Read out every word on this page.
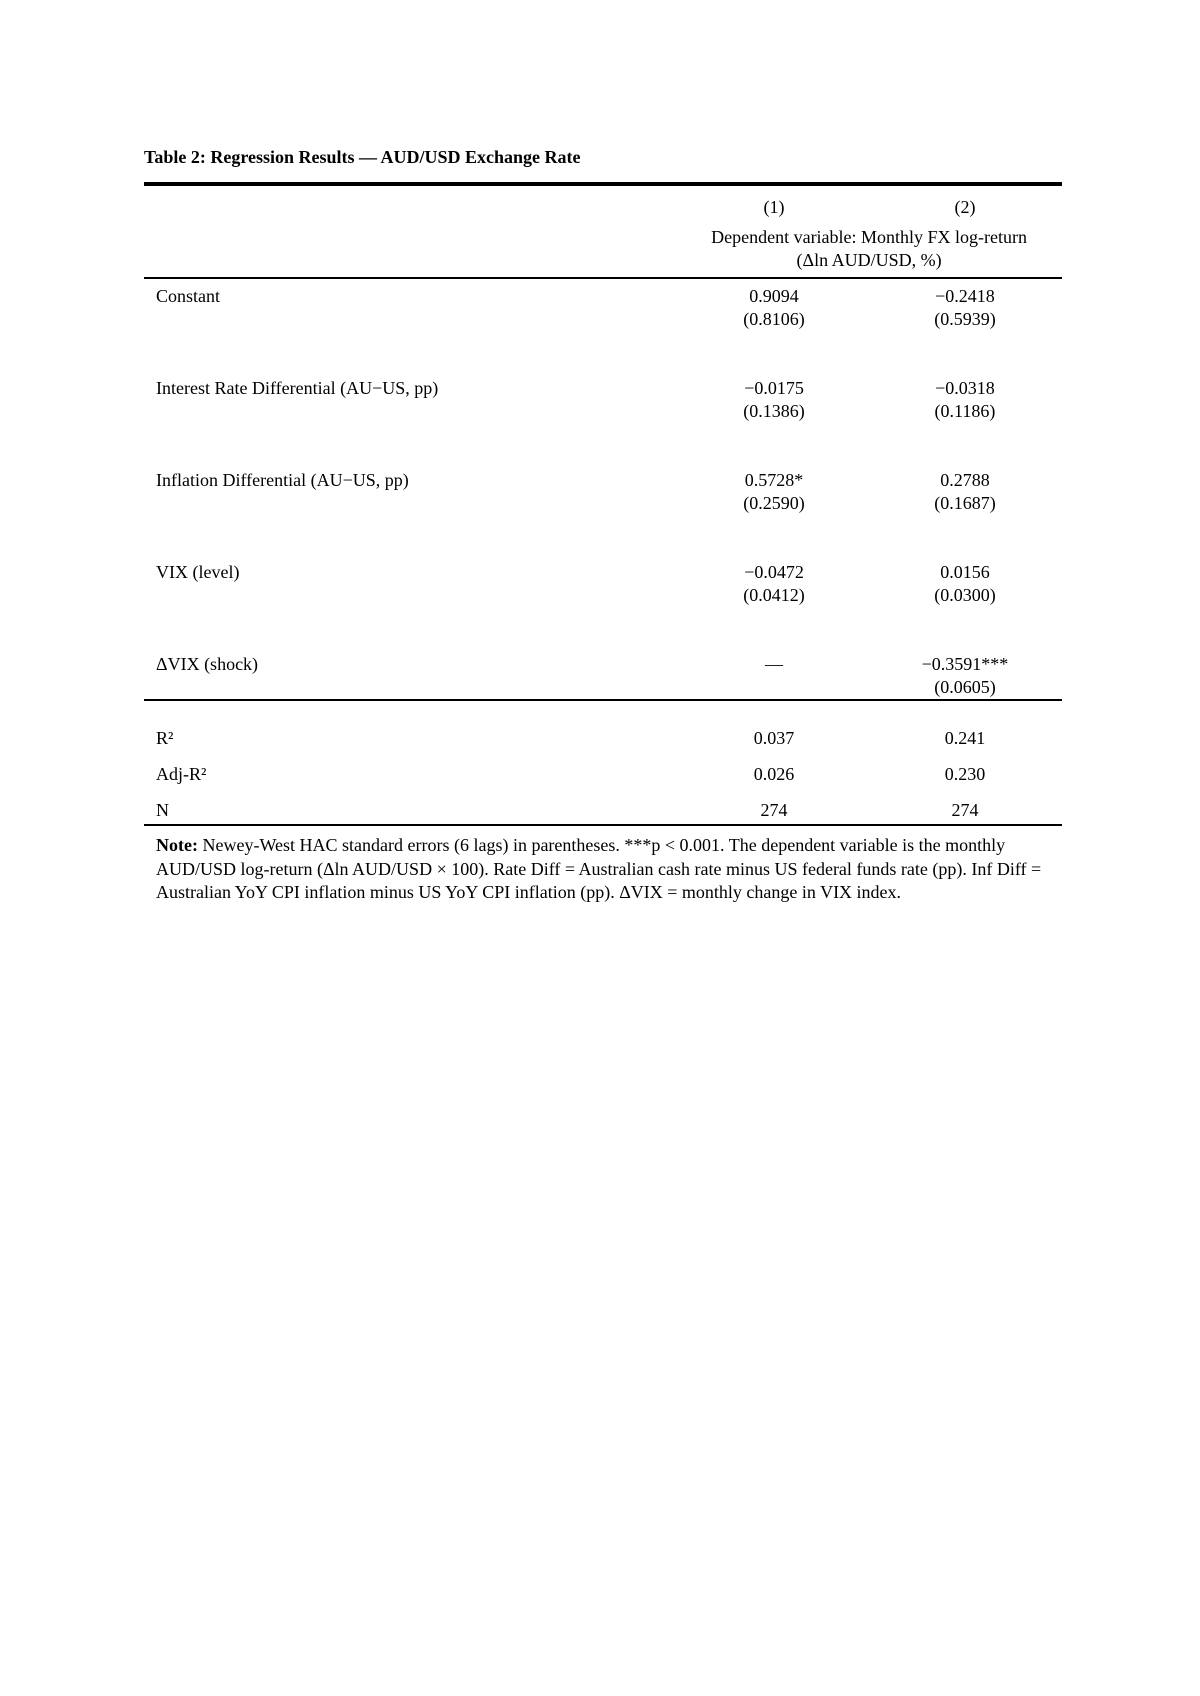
Table 2: Regression Results — AUD/USD Exchange Rate

	(1)	(2)

	Dependent variable: Monthly FX log-return
(Δln AUD/USD, %)	

Constant	0.9094	−0.2418
	(0.8106)	(0.5939)
Interest Rate Differential (AU−US, pp)	−0.0175	−0.0318
	(0.1386)	(0.1186)
Inflation Differential (AU−US, pp)	0.5728*	0.2788
	(0.2590)	(0.1687)
VIX (level)	−0.0472	0.0156
	(0.0412)	(0.0300)
ΔVIX (shock)	—	−0.3591***
		(0.0605)

R²	0.037	0.241
Adj-R²	0.026	0.230
N	274	274
Note: Newey-West HAC standard errors (6 lags) in parentheses. ***p < 0.001. The dependent variable is the monthly AUD/USD log-return (Δln AUD/USD × 100). Rate Diff = Australian cash rate minus US federal funds rate (pp). Inf Diff = Australian YoY CPI inflation minus US YoY CPI inflation (pp). ΔVIX = monthly change in VIX index.
